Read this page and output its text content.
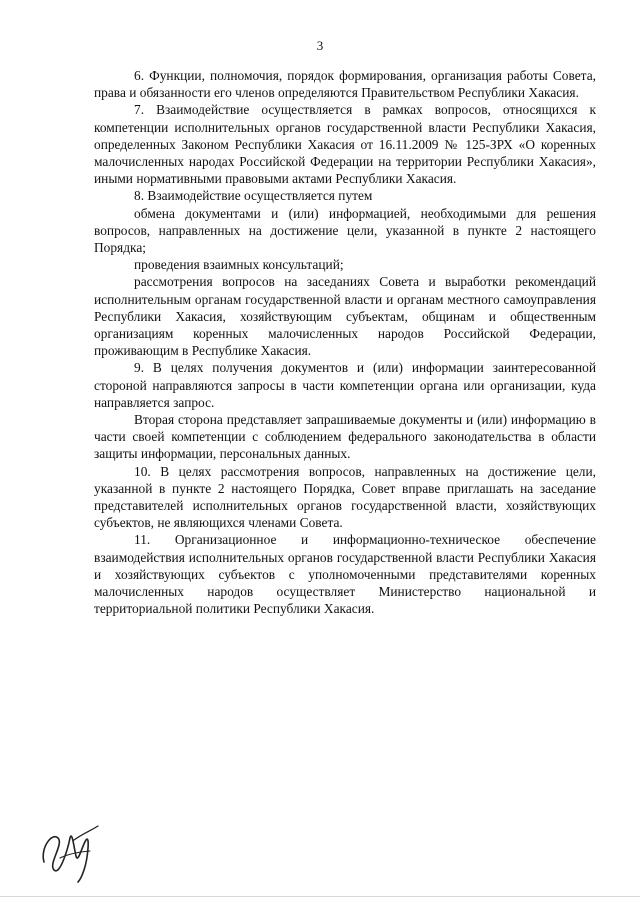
3

6. Функции, полномочия, порядок формирования, организация работы Совета, права и обязанности его членов определяются Правительством Республики Хакасия.

7. Взаимодействие осуществляется в рамках вопросов, относящихся к компетенции исполнительных органов государственной власти Республики Хакасия, определенных Законом Республики Хакасия от 16.11.2009 № 125-ЗРХ «О коренных малочисленных народах Российской Федерации на территории Республики Хакасия», иными нормативными правовыми актами Республики Хакасия.

8. Взаимодействие осуществляется путем

обмена документами и (или) информацией, необходимыми для решения вопросов, направленных на достижение цели, указанной в пункте 2 настоящего Порядка;

проведения взаимных консультаций;

рассмотрения вопросов на заседаниях Совета и выработки рекомендаций исполнительным органам государственной власти и органам местного самоуправления Республики Хакасия, хозяйствующим субъектам, общинам и общественным организациям коренных малочисленных народов Российской Федерации, проживающим в Республике Хакасия.

9. В целях получения документов и (или) информации заинтересованной стороной направляются запросы в части компетенции органа или организации, куда направляется запрос.

Вторая сторона представляет запрашиваемые документы и (или) информацию в части своей компетенции с соблюдением федерального законодательства в области защиты информации, персональных данных.

10. В целях рассмотрения вопросов, направленных на достижение цели, указанной в пункте 2 настоящего Порядка, Совет вправе приглашать на заседание представителей исполнительных органов государственной власти, хозяйствующих субъектов, не являющихся членами Совета.

11. Организационное и информационно-техническое обеспечение взаимодействия исполнительных органов государственной власти Республики Хакасия и хозяйствующих субъектов с уполномоченными представителями коренных малочисленных народов осуществляет Министерство национальной и территориальной политики Республики Хакасия.
